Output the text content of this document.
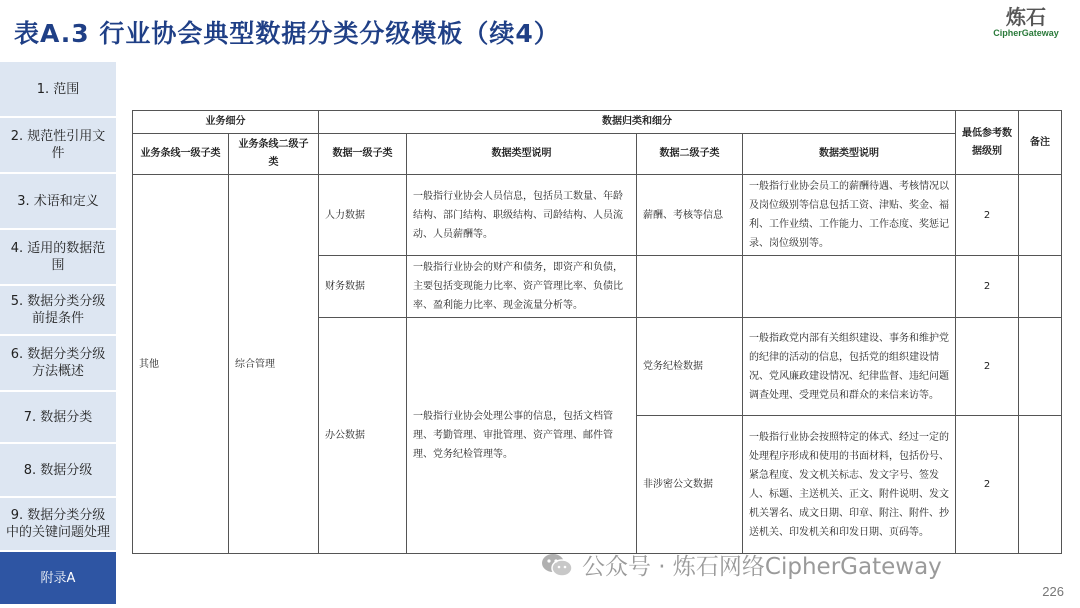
表A.3 行业协会典型数据分类分级模板（续4）
炼石
CipherGateway
1. 范围
2. 规范性引用文件
3. 术语和定义
4. 适用的数据范围
5. 数据分类分级前提条件
6. 数据分类分级方法概述
7. 数据分类
8. 数据分级
9. 数据分类分级中的关键问题处理
附录A
业务细分		数据归类和细分				最低参考数据级别	备注
业务条线一级子类	业务条线二级子类	数据一级子类	数据类型说明	数据二级子类	数据类型说明		
其他	综合管理	人力数据	一般指行业协会人员信息，包括员工数量、年龄结构、部门结构、职级结构、司龄结构、人员流动、人员薪酬等。	薪酬、考核等信息	一般指行业协会员工的薪酬待遇、考核情况以及岗位级别等信息包括工资、津贴、奖金、福利、工作业绩、工作能力、工作态度、奖惩记录、岗位级别等。	2	
		财务数据	一般指行业协会的财产和债务，即资产和负债，主要包括变现能力比率、资产管理比率、负债比率、盈利能力比率、现金流量分析等。			2	
		办公数据	一般指行业协会处理公事的信息，包括文档管理、考勤管理、审批管理、资产管理、邮件管理、党务纪检管理等。	党务纪检数据	一般指政党内部有关组织建设、事务和维护党的纪律的活动的信息，包括党的组织建设情况、党风廉政建设情况、纪律监督、违纪问题调查处理、受理党员和群众的来信来访等。	2	
				非涉密公文数据	一般指行业协会按照特定的体式、经过一定的处理程序形成和使用的书面材料，包括份号、紧急程度、发文机关标志、发文字号、签发人、标题、主送机关、正文、附件说明、发文机关署名、成文日期、印章、附注、附件、抄送机关、印发机关和印发日期、页码等。	2	
公众号 · 炼石网络CipherGateway
226
